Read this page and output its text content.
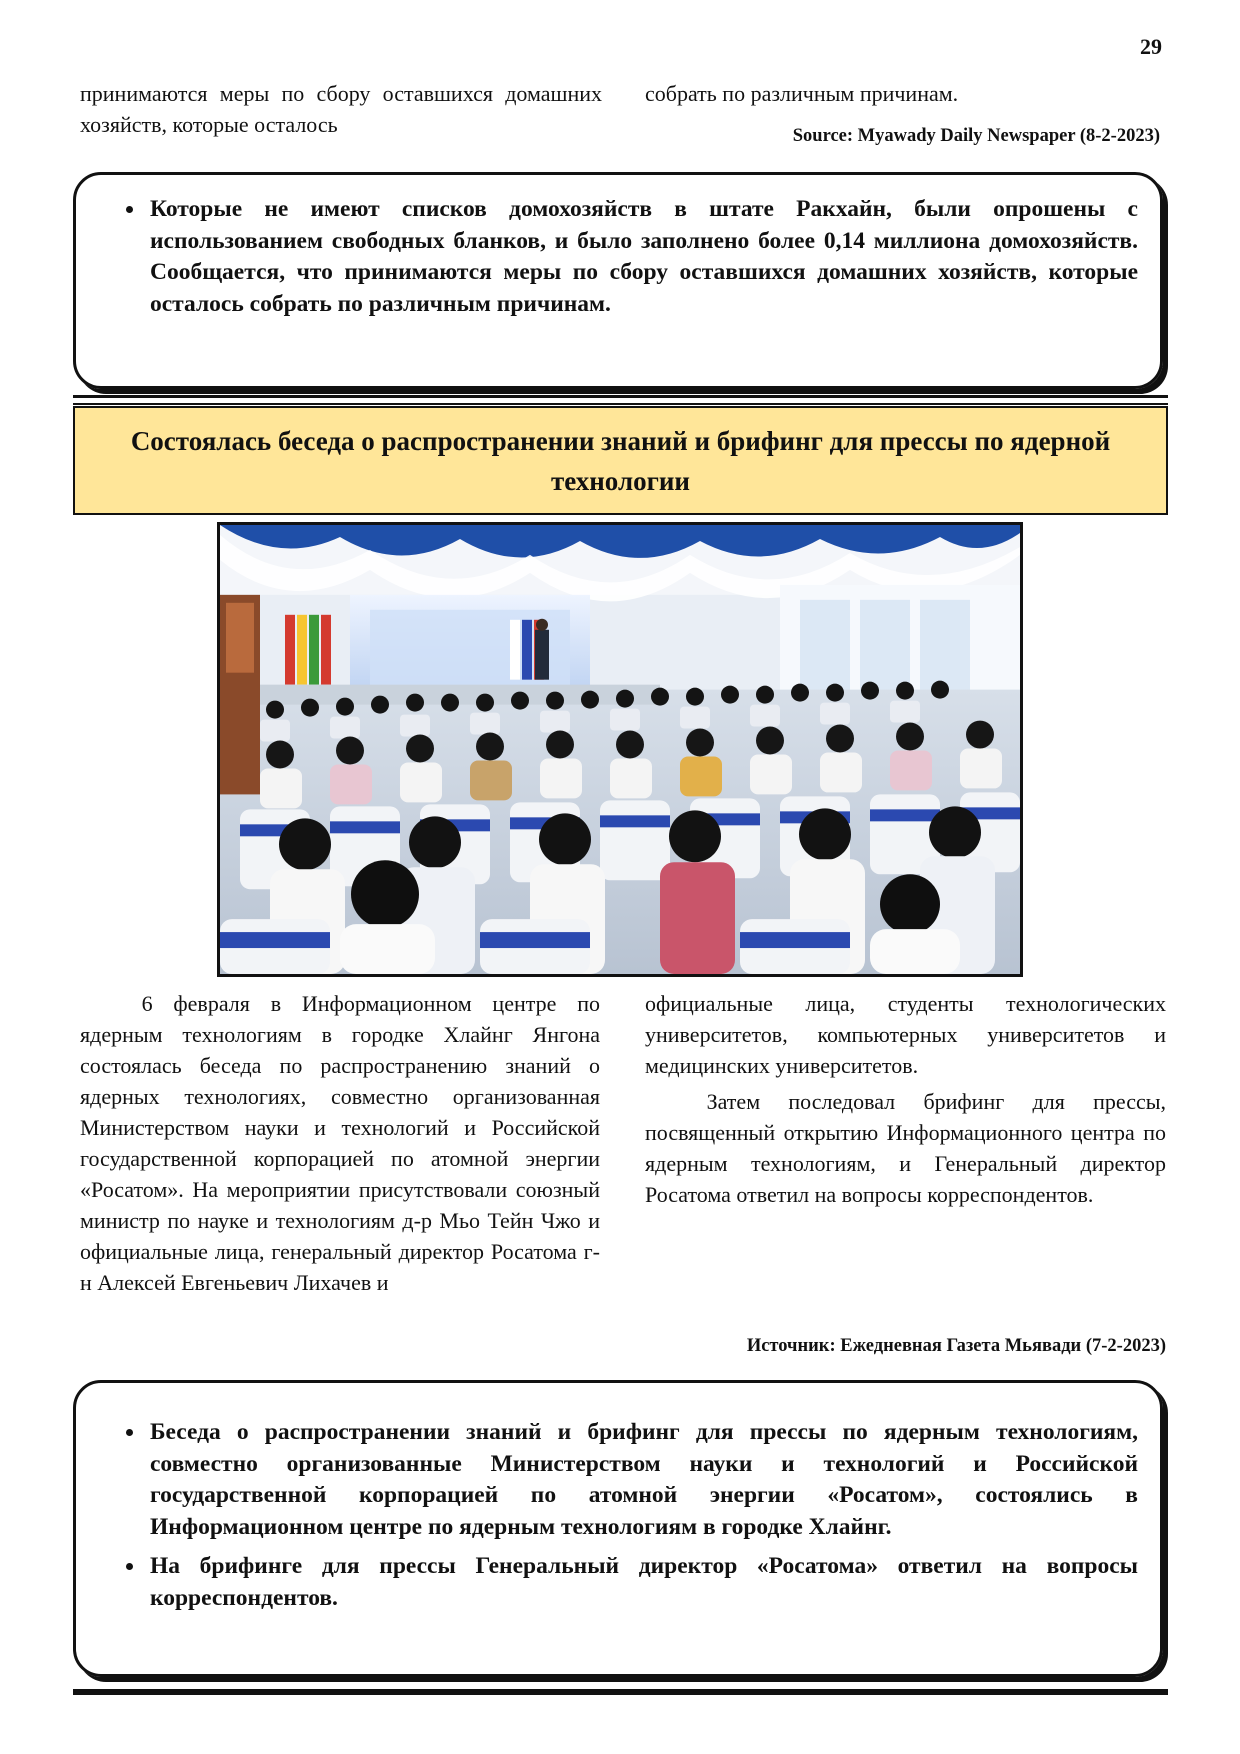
29

принимаются меры по сбору оставшихся домашних хозяйств, которые осталось

собрать по различным причинам.

Source: Myawady Daily Newspaper (8-2-2023)
• Которые не имеют списков домохозяйств в штате Ракхайн, были опрошены с использованием свободных бланков, и было заполнено более 0,14 миллиона домохозяйств. Сообщается, что принимаются меры по сбору оставшихся домашних хозяйств, которые осталось собрать по различным причинам.
Состоялась беседа о распространении знаний и брифинг для прессы по ядерной технологии

6 февраля в Информационном центре по ядерным технологиям в городке Хлайнг Янгона состоялась беседа по распространению знаний о ядерных технологиях, совместно организованная Министерством науки и технологий и Российской государственной корпорацией по атомной энергии «Росатом». На мероприятии присутствовали союзный министр по науке и технологиям д-р Мьо Тейн Чжо и официальные лица, генеральный директор Росатома г-н Алексей Евгеньевич Лихачев и

официальные лица, студенты технологических университетов, компьютерных университетов и медицинских университетов.

Затем последовал брифинг для прессы, посвященный открытию Информационного центра по ядерным технологиям, и Генеральный директор Росатома ответил на вопросы корреспондентов.

Источник: Ежедневная Газета Мьявади (7-2-2023)
• Беседа о распространении знаний и брифинг для прессы по ядерным технологиям, совместно организованные Министерством науки и технологий и Российской государственной корпорацией по атомной энергии «Росатом», состоялись в Информационном центре по ядерным технологиям в городке Хлайнг.
• На брифинге для прессы Генеральный директор «Росатома» ответил на вопросы корреспондентов.
